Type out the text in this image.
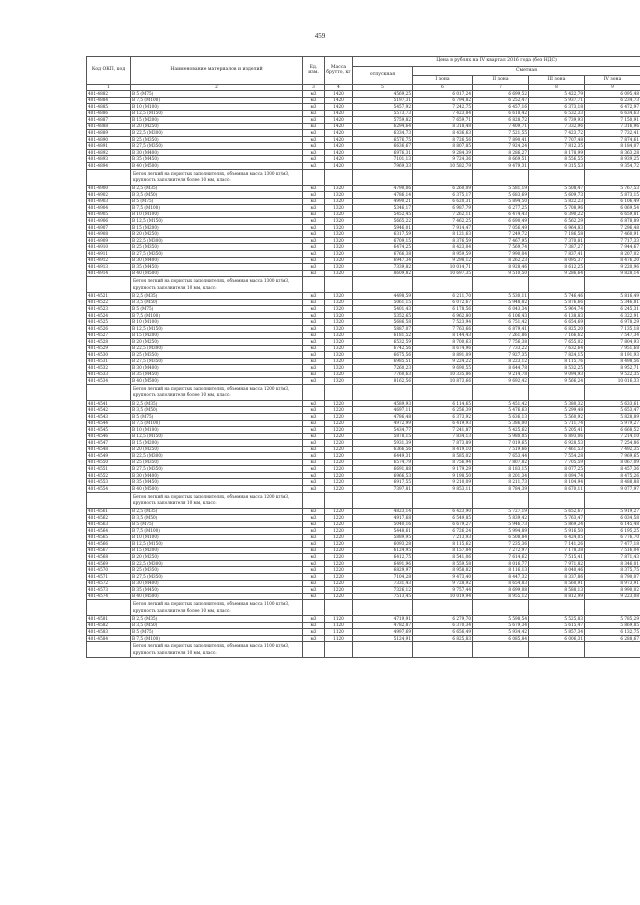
459
Код ОКП, код	Наименование материалов и изделий	Ед. изм.	Масса брутто, кг	Цена в рублях на IV квартал 2016 года (без НДС)				
				отпускная	Сметная			
					I зона	II зона	III зона	IV зона
1	2	3	4	5	6	7	8	9
401-4882	В 5 (М75)	м3	1420	4569,25	6 017,24	6 699,52	5 422,79	6 095,48
401-4884	В 7,5 (М100)	м3	1420	5197,31	6 794,82	6 252,47	5 937,71	6 234,73
401-4885	В 10 (М100)	м3	1420	5457,92	7 242,75	6 457,16	6 373,18	6 472,97
401-4886	В 12,5 (М150)	м3	1420	5573,73	7 423,84	6 618,42	6 532,33	6 634,63
401-4887	В 15 (М200)	м3	1420	5759,82	7 659,71	6 828,72	6 739,93	7 150,91
401-4888	В 20 (М250)	м3	1420	6294,64	8 318,48	7 409,71	7 332,96	7 316,96
401-4889	В 22,5 (М300)	м3	1420	6334,73	8 436,63	7 521,55	7 423,72	7 732,41
401-4890	В 25 (М350)	м3	1420	6576,75	8 726,56	7 890,41	7 707,48	7 874,61
401-4891	В 27,5 (М350)	м3	1420	6636,67	8 807,85	7 924,24	7 812,35	8 184,07
401-4892	В 30 (М400)	м3	1420	6976,31	9 284,39	8 286,27	8 178,99	8 363,28
401-4893	В 35 (М450)	м3	1420	7101,13	9 724,36	8 669,51	8 556,55	8 939,25
401-4894	В 40 (М500)	м3	1420	7969,33	10 582,79	9 479,31	9 315,53	9 354,72
	Бетон легкий на пористых заполнителях, объемная масса 1300 кг/м3, крупность заполнителя более 10 мм, класс:							
401-4900	В 2,5 (М35)	м3	1320	4790,06	6 260,09	5 581,19	5 508,47	5 767,53
401-4902	В 3,5 (М50)	м3	1320	4786,14	6 375,17	5 683,69	5 609,73	5 873,15
401-4903	В 5 (М75)	м3	1320	4990,21	6 620,31	5 894,50	5 822,23	6 106,49
401-4904	В 7,5 (М100)	м3	1320	5346,17	6 987,79	6 277,25	5 708,96	6 069,54
401-4905	В 10 (М100)	м3	1320	5452,45	7 262,11	6 474,43	6 390,22	6 659,81
401-4906	В 12,5 (М150)	м3	1320	5665,22	7 462,25	6 690,49	6 562,29	6 878,89
401-4907	В 15 (М200)	м3	1320	5946,01	7 914,47	7 056,49	6 964,83	7 296,48
401-4908	В 20 (М250)	м3	1320	6317,59	8 121,63	7 249,72	7 186,58	7 460,91
401-4909	В 22,5 (М300)	м3	1320	6709,15	8 376,59	7 467,95	7 370,81	7 717,33
401-4910	В 25 (М350)	м3	1320	6474,25	8 423,04	7 569,74	7 387,27	7 944,67
401-4911	В 27,5 (М350)	м3	1320	6766,38	8 959,59	7 990,04	7 837,41	8 207,02
401-4912	В 30 (М400)	м3	1320	6947,34	9 298,12	8 262,23	8 095,37	8 476,20
401-4913	В 35 (М450)	м3	1320	7339,82	10 014,71	8 928,46	8 612,25	9 220,96
401-4914	В 40 (М500)	м3	1320	8609,82	10 697,35	9 510,50	9 286,64	9 828,14
	Бетон легкий на пористых заполнителях, объемная масса 1300 кг/м3, крупность заполнителя 10 мм, класс:							
401-4521	В 2,5 (М35)	м3	1320	4498,59	6 211,70	5 530,11	5 746,46	5 816,49
401-4522	В 3,5 (М50)	м3	1320	5061,15	6 072,67	5 948,82	5 876,66	5 346,81
401-4523	В 5 (М75)	м3	1320	5401,43	6 178,56	6 043,34	5 964,74	6 245,31
401-4524	В 7,5 (М100)	м3	1320	5352,65	6 962,80	6 106,43	6 138,83	6 322,91
401-4525	В 10 (М100)	м3	1320	5686,58	7 523,94	6 751,42	6 654,69	6 978,29
401-4526	В 12,5 (М150)	м3	1320	5887,07	7 763,66	6 879,41	6 825,20	7 135,18
401-4527	В 15 (М200)	м3	1320	6181,52	8 144,43	7 261,86	7 166,62	7 547,34
401-4528	В 20 (М250)	м3	1320	6532,59	8 700,63	7 756,38	7 655,02	7 804,93
401-4529	В 22,5 (М300)	м3	1320	6742,56	8 674,96	7 733,22	7 632,64	7 951,68
401-4530	В 25 (М350)	м3	1320	6675,56	8 891,09	7 927,35	7 824,15	8 191,93
401-4531	В 27,5 (М350)	м3	1320	6985,51	9 224,22	8 223,12	8 115,76	8 498,56
401-4532	В 30 (М400)	м3	1320	7260,23	9 690,55	8 644,78	8 532,25	8 952,71
401-4533	В 35 (М450)	м3	1320	7760,63	10 335,86	9 214,78	9 094,93	9 522,35
401-4534	В 40 (М500)	м3	1320	8162,56	10 873,66	9 692,42	9 566,24	10 016,33
	Бетон легкий на пористых заполнителях, объемная масса 1200 кг/м3, крупность заполнителя более 10 мм, класс:							
401-4541	В 2,5 (М35)	м3	1220	4589,93	6 114,65	5 451,42	5 380,32	5 633,61
401-4542	В 3,5 (М50)	м3	1220	4697,11	6 256,39	5 476,63	5 299,48	5 653,47
401-4543	В 5 (М75)	м3	1220	4786,48	6 373,92	5 636,13	5 560,92	5 828,89
401-4544	В 7,5 (М100)	м3	1220	4972,99	6 419,93	5 386,00	5 711,74	5 979,27
401-4545	В 10 (М100)	м3	1220	5434,77	7 241,87	5 425,62	5 205,41	6 668,52
401-4546	В 12,5 (М150)	м3	1220	5878,15	7 834,13	5 980,05	6 893,06	7 214,10
401-4547	В 15 (М200)	м3	1220	5931,39	7 873,89	7 019,65	6 928,53	7 254,86
401-4548	В 20 (М250)	м3	1220	6366,56	8 419,10	7 519,66	7 461,53	7 492,35
401-4549	В 22,5 (М300)	м3	1220	6449,31	8 585,02	7 653,44	7 554,28	7 969,65
401-4550	В 25 (М350)	м3	1220	6574,79	8 756,94	7 807,82	7 705,59	8 067,09
401-4551	В 27,5 (М350)	м3	1220	6691,88	9 179,29	8 183,15	8 077,25	8 457,36
401-4552	В 30 (М400)	м3	1220	6966,53	9 198,50	8 201,34	8 094,74	8 475,26
401-4553	В 35 (М450)	м3	1220	6917,55	9 210,09	8 211,73	8 104,94	8 488,88
401-4554	В 40 (М500)	м3	1220	7397,81	9 853,11	8 784,39	8 670,11	9 077,97
	Бетон легкий на пористых заполнителях, объемная масса 1200 кг/м3, крупность заполнителя 10 мм, класс:							
401-4561	В 2,5 (М35)	м3	1220	4823,14	6 423,90	5 727,19	5 652,67	5 919,27
401-4562	В 3,5 (М50)	м3	1220	4917,68	6 549,85	5 839,42	5 763,47	6 034,58
401-4563	В 5 (М75)	м3	1220	5040,16	6 679,27	5 946,73	5 869,24	6 145,48
401-4564	В 7,5 (М100)	м3	1220	5448,61	6 726,24	5 994,89	5 916,50	6 195,25
401-4565	В 10 (М100)	м3	1220	5889,95	7 213,93	6 508,84	6 424,05	6 776,70
401-4566	В 12,5 (М150)	м3	1220	6093,28	8 115,62	7 235,36	7 141,26	7 477,18
401-4567	В 15 (М200)	м3	1220	6124,95	8 157,84	7 272,97	7 178,38	7 516,04
401-4568	В 20 (М250)	м3	1220	6412,75	8 541,06	7 614,62	7 515,41	7 871,43
401-4569	В 22,5 (М300)	м3	1220	6491,96	8 559,58	8 016,77	7 971,82	8 346,01
401-4570	В 25 (М350)	м3	1220	6829,97	8 958,82	8 116,13	8 040,46	8 375,75
401-4571	В 27,5 (М350)	м3	1220	7104,28	9 473,40	8 447,32	8 337,86	8 790,07
401-4572	В 30 (М400)	м3	1220	7331,43	9 728,92	8 654,83	8 560,91	8 973,91
401-4573	В 35 (М450)	м3	1220	7326,12	9 757,44	8 699,08	8 588,13	8 990,02
401-4574	В 40 (М500)	м3	1220	7513,45	10 019,94	8 955,12	8 812,99	9 223,08
	Бетон легкий на пористых заполнителях, объемная масса 1100 кг/м3, крупность заполнителя более 10 мм, класс:							
401-4581	В 2,5 (М35)	м3	1120	4719,91	6 279,70	5 598,54	5 525,83	5 785,29
401-4582	В 3,5 (М50)	м3	1120	4782,87	6 370,34	5 679,34	5 615,47	5 869,85
401-4583	В 5 (М75)	м3	1120	4997,69	6 656,49	5 934,42	5 857,34	6 132,75
401-4584	В 7,5 (М100)	м3	1120	5124,91	6 825,83	6 085,84	6 006,31	6 288,67
	Бетон легкий на пористых заполнителях, объемная масса 1100 кг/м3, крупность заполнителя 10 мм, класс:							
